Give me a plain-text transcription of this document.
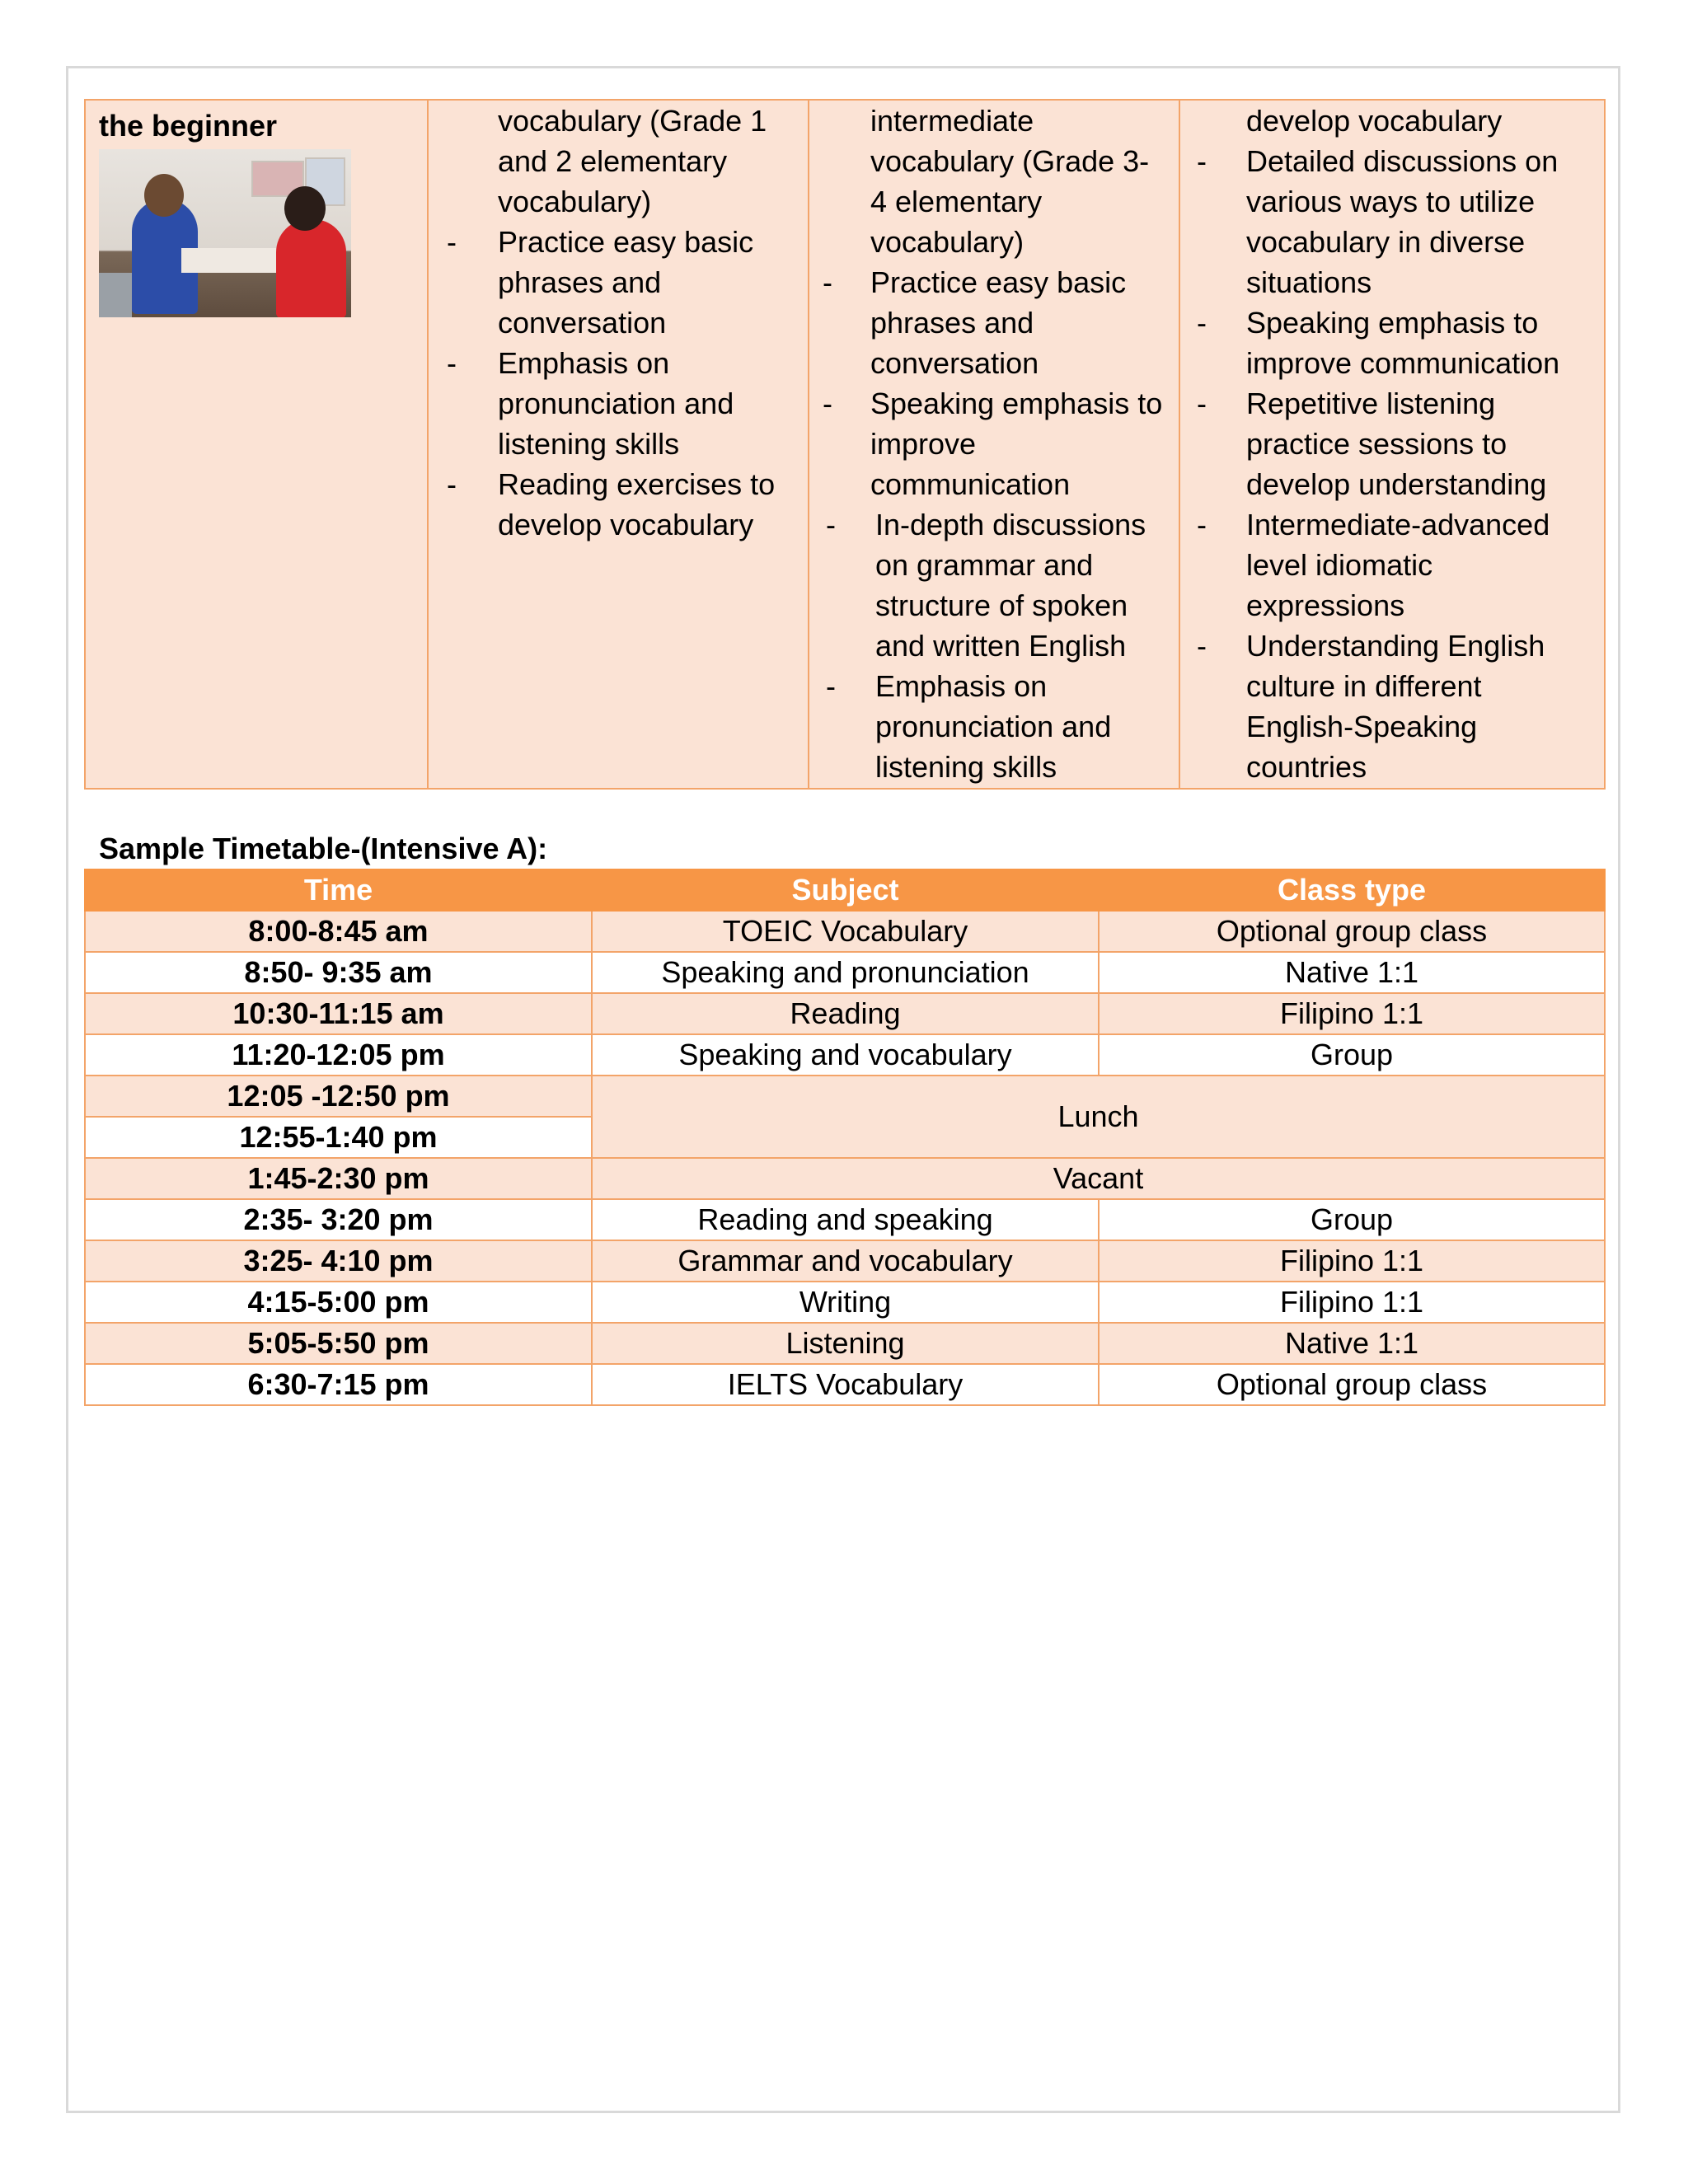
the beginner	vocabulary (Grade 1
and 2 elementary
vocabulary)
- Practice easy basic
phrases and
conversation
- Emphasis on
pronunciation and
listening skills
- Reading exercises to
develop vocabulary

intermediate
vocabulary (Grade 3-
4 elementary
vocabulary)
- Practice easy basic
phrases and
conversation
- Speaking emphasis to
improve
communication
- In-depth discussions
on grammar and
structure of spoken
and written English
- Emphasis on
pronunciation and
listening skills

develop vocabulary
- Detailed discussions on
various ways to utilize
vocabulary in diverse
situations
- Speaking emphasis to
improve communication
- Repetitive listening
practice sessions to
develop understanding
- Intermediate-advanced
level idiomatic
expressions
- Understanding English
culture in different
English-Speaking
countries
Sample Timetable-(Intensive A):
Time	Subject	Class type
8:00-8:45 am	TOEIC Vocabulary	Optional group class
8:50- 9:35 am	Speaking and pronunciation	Native 1:1
10:30-11:15 am	Reading	Filipino 1:1
11:20-12:05 pm	Speaking and vocabulary	Group
12:05 -12:50 pm	Lunch	
12:55-1:40 pm		
1:45-2:30 pm	Vacant	
2:35- 3:20 pm	Reading and speaking	Group
3:25- 4:10 pm	Grammar and vocabulary	Filipino 1:1
4:15-5:00 pm	Writing	Filipino 1:1
5:05-5:50 pm	Listening	Native 1:1
6:30-7:15 pm	IELTS Vocabulary	Optional group class
